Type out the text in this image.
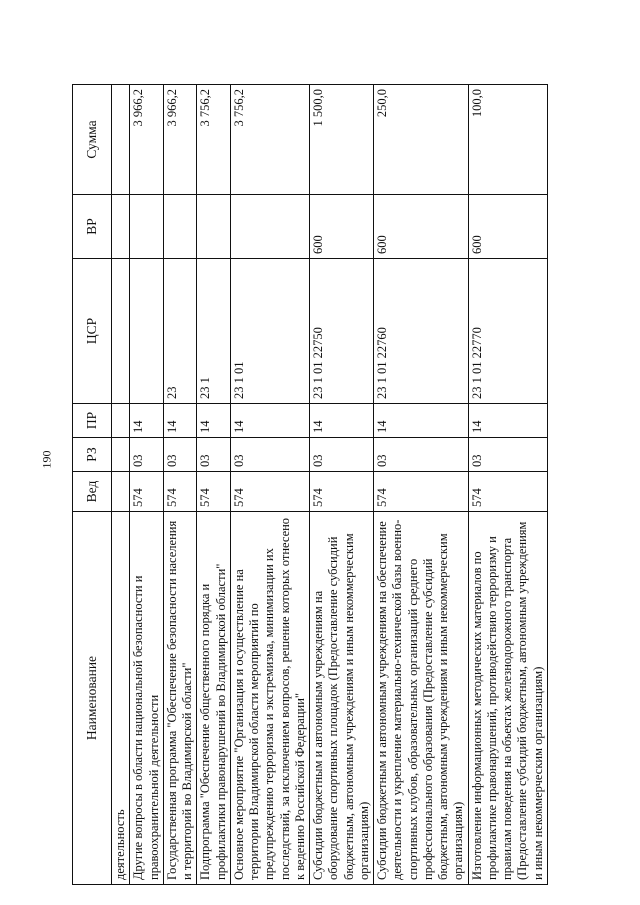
190
Наименование	Вед	РЗ	ПР	ЦСР	ВР	Сумма
деятельность						
Другие вопросы в области национальной безопасности и правоохранительной деятельности	574	03	14			3 966,2
Государственная программа "Обеспечение безопасности населения и территорий во Владимирской области"	574	03	14	23		3 966,2
Подпрограмма "Обеспечение общественного порядка и профилактики правонарушений во Владимирской области"	574	03	14	23 1		3 756,2
Основное мероприятие "Организация и осуществление на территории Владимирской области мероприятий по предупреждению терроризма и экстремизма, минимизации их последствий, за исключением вопросов, решение которых отнесено к ведению Российской Федерации"	574	03	14	23 1 01		3 756,2
Субсидии бюджетным и автономным учреждениям на оборудование спортивных площадок (Предоставление субсидий бюджетным, автономным учреждениям и иным некоммерческим организациям)	574	03	14	23 1 01 22750	600	1 500,0
Субсидии бюджетным и автономным учреждениям на обеспечение деятельности и укрепление материально-технической базы военно-спортивных клубов, образовательных организаций среднего профессионального образования (Предоставление субсидий бюджетным, автономным учреждениям и иным некоммерческим организациям)	574	03	14	23 1 01 22760	600	250,0
Изготовление информационных методических материалов по профилактике правонарушений, противодействию терроризму и правилам поведения на объектах железнодорожного транспорта (Предоставление субсидий бюджетным, автономным учреждениям и иным некоммерческим организациям)	574	03	14	23 1 01 22770	600	100,0
